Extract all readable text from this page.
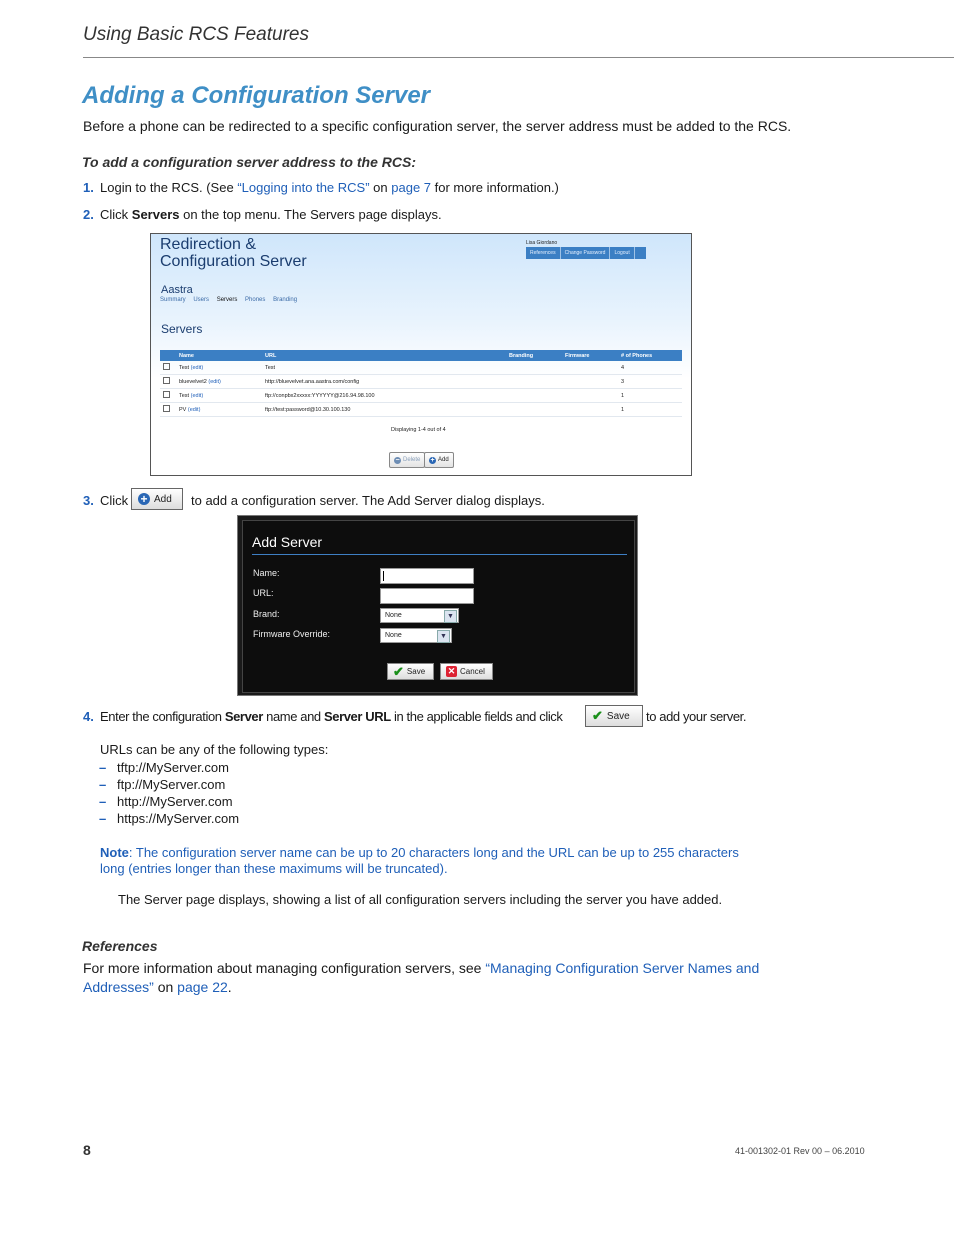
Using Basic RCS Features
Adding a Configuration Server
Before a phone can be redirected to a specific configuration server, the server address must be added to the RCS.
To add a configuration server address to the RCS:
1. Login to the RCS. (See “Logging into the RCS” on page 7 for more information.)
2. Click Servers on the top menu. The Servers page displays.
Redirection &
Configuration Server
Lisa Giordano
References	Change Password	Logout
Aastra
Summary Users Servers Phones Branding
Servers
	Name	URL	Branding	Firmware	# of Phones
	Test (edit)	Test			4
	bluevelvet2 (edit)	http://bluevelvet.ana.aastra.com/config			3
	Test (edit)	ftp://conpbx2xxxxx:YYYYYY@216.94.98.100			1
	PV (edit)	ftp://test:password@10.30.100.130			1
Displaying 1-4 out of 4
− Delete + Add
3. Click + Add to add a configuration server. The Add Server dialog displays.
Add Server
Name:
URL:
Brand:	None	▼
Firmware Override:	None	▼
✔ Save	✕ Cancel
4. Enter the configuration Server name and Server URL in the applicable fields and click ✔ Save to add your server.
URLs can be any of the following types:
– tftp://MyServer.com
– ftp://MyServer.com
– http://MyServer.com
– https://MyServer.com
Note: The configuration server name can be up to 20 characters long and the URL can be up to 255 characters long (entries longer than these maximums will be truncated).
The Server page displays, showing a list of all configuration servers including the server you have added.
References
For more information about managing configuration servers, see “Managing Configuration Server Names and Addresses” on page 22.
8	41-001302-01 Rev 00 – 06.2010
